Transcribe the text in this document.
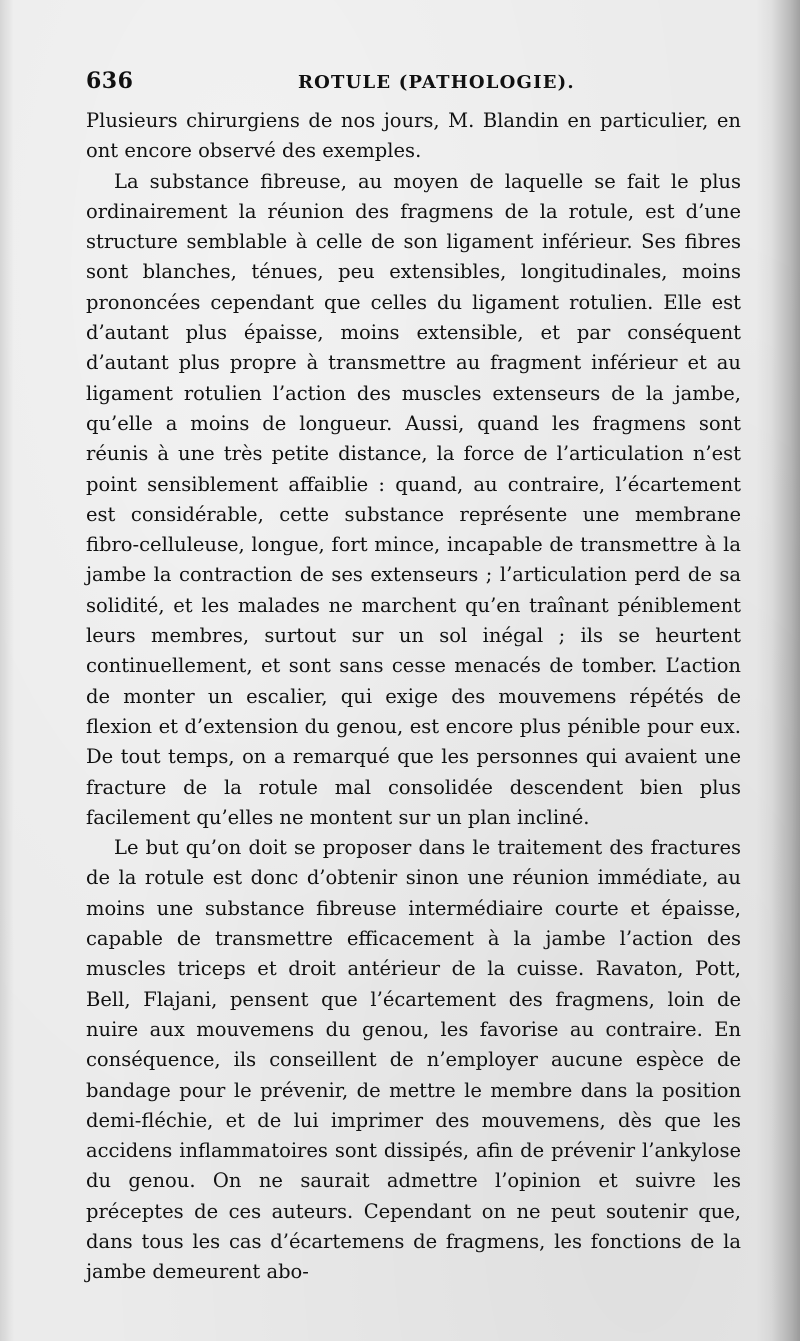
636	ROTULE (PATHOLOGIE).

Plusieurs chirurgiens de nos jours, M. Blandin en particulier, en ont encore observé des exemples.

La substance fibreuse, au moyen de laquelle se fait le plus ordinairement la réunion des fragmens de la rotule, est d’une structure semblable à celle de son ligament inférieur. Ses fibres sont blanches, ténues, peu extensibles, longitudinales, moins prononcées cependant que celles du ligament rotulien. Elle est d’autant plus épaisse, moins extensible, et par conséquent d’autant plus propre à transmettre au fragment inférieur et au ligament rotulien l’action des muscles extenseurs de la jambe, qu’elle a moins de longueur. Aussi, quand les fragmens sont réunis à une très petite distance, la force de l’articulation n’est point sensiblement affaiblie : quand, au contraire, l’écartement est considérable, cette substance représente une membrane fibro-celluleuse, longue, fort mince, incapable de transmettre à la jambe la contraction de ses extenseurs ; l’articulation perd de sa solidité, et les malades ne marchent qu’en traînant péniblement leurs membres, surtout sur un sol inégal ; ils se heurtent continuellement, et sont sans cesse menacés de tomber. L’action de monter un escalier, qui exige des mouvemens répétés de flexion et d’extension du genou, est encore plus pénible pour eux. De tout temps, on a remarqué que les personnes qui avaient une fracture de la rotule mal consolidée descendent bien plus facilement qu’elles ne montent sur un plan incliné.

Le but qu’on doit se proposer dans le traitement des fractures de la rotule est donc d’obtenir sinon une réunion immédiate, au moins une substance fibreuse intermédiaire courte et épaisse, capable de transmettre efficacement à la jambe l’action des muscles triceps et droit antérieur de la cuisse. Ravaton, Pott, Bell, Flajani, pensent que l’écartement des fragmens, loin de nuire aux mouvemens du genou, les favorise au contraire. En conséquence, ils conseillent de n’employer aucune espèce de bandage pour le prévenir, de mettre le membre dans la position demi-fléchie, et de lui imprimer des mouvemens, dès que les accidens inflammatoires sont dissipés, afin de prévenir l’ankylose du genou. On ne saurait admettre l’opinion et suivre les préceptes de ces auteurs. Cependant on ne peut soutenir que, dans tous les cas d’écartemens de fragmens, les fonctions de la jambe demeurent abo-
